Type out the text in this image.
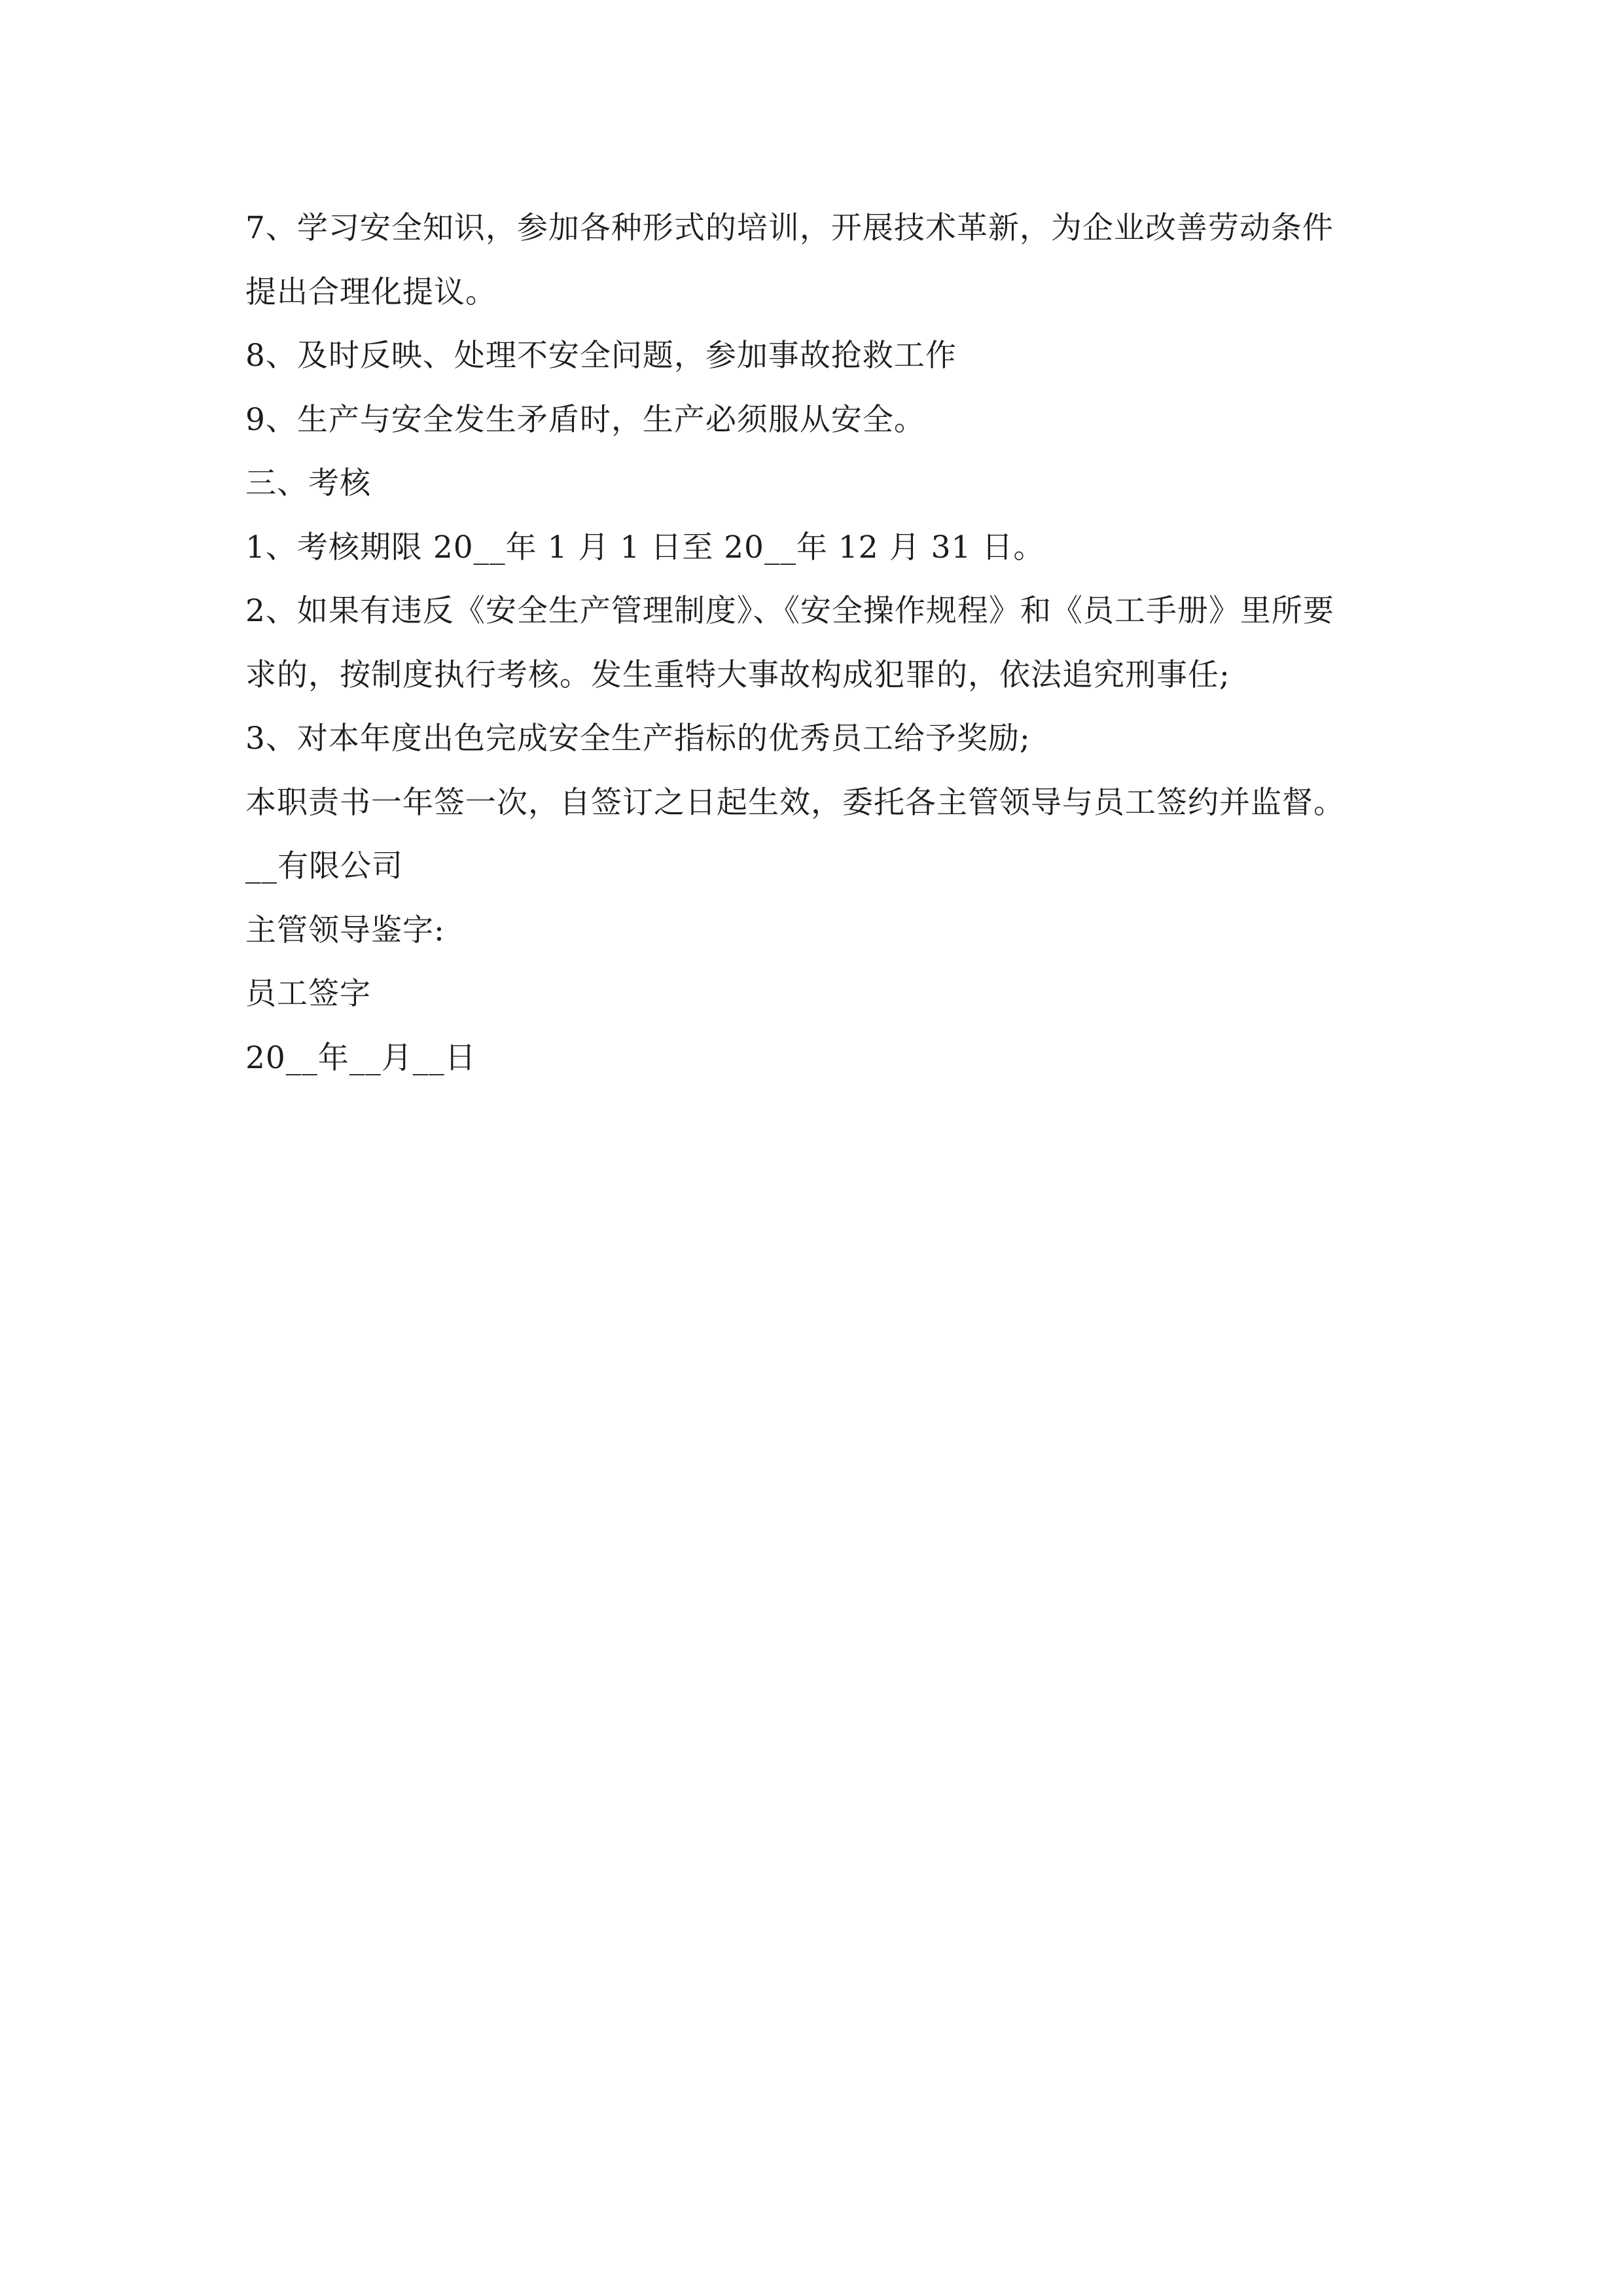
7、学习安全知识，参加各种形式的培训，开展技术革新，为企业改善劳动条件
提出合理化提议。
8、及时反映、处理不安全问题，参加事故抢救工作
9、生产与安全发生矛盾时，生产必须服从安全。
三、考核
1、考核期限 20__年 1 月 1 日至 20__年 12 月 31 日。
2、如果有违反《安全生产管理制度》、《安全操作规程》和《员工手册》里所要
求的，按制度执行考核。发生重特大事故构成犯罪的，依法追究刑事任;
3、对本年度出色完成安全生产指标的优秀员工给予奖励;
本职责书一年签一次，自签订之日起生效，委托各主管领导与员工签约并监督。
__有限公司
主管领导鉴字:
员工签字
20__年__月__日
